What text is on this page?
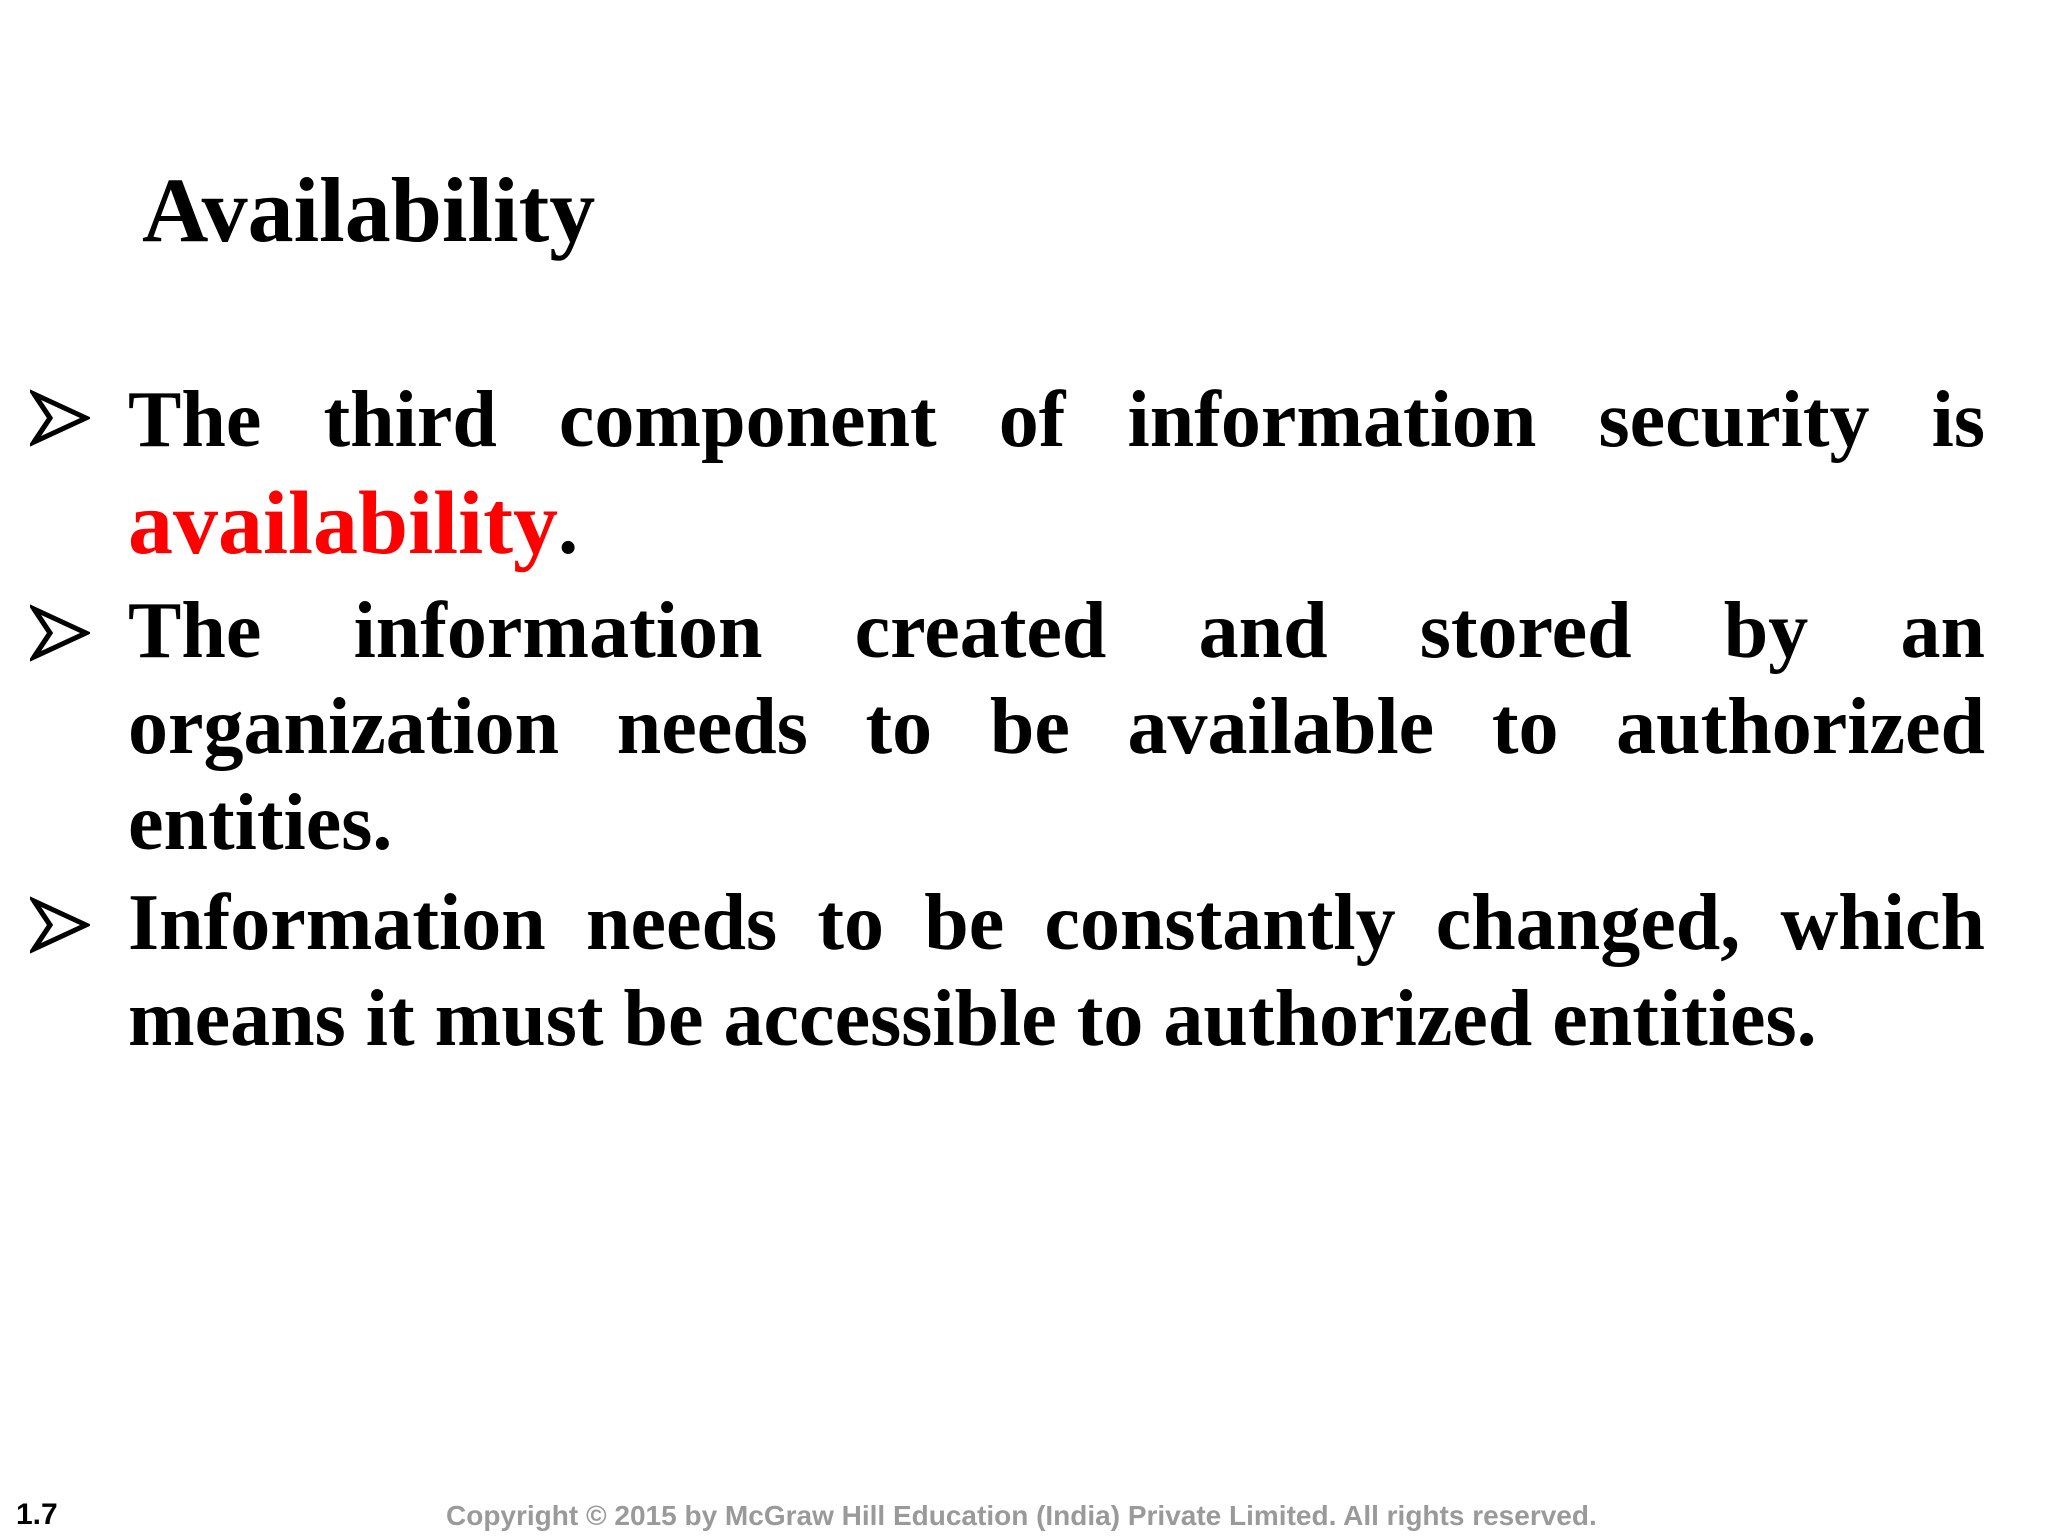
Availability

The third component of information security is availability.

The information created and stored by an organization needs to be available to authorized entities.

Information needs to be constantly changed, which means it must be accessible to authorized entities.

1.7	Copyright © 2015 by McGraw Hill Education (India) Private Limited. All rights reserved.
